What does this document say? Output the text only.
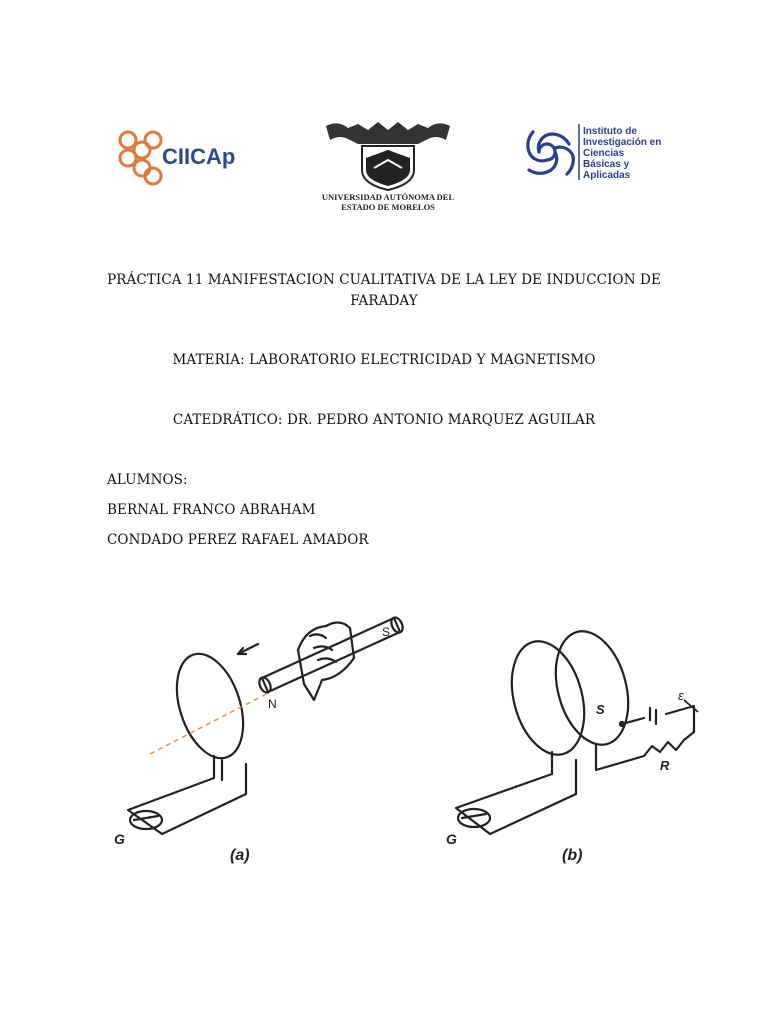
CIICAp
UNIVERSIDAD AUTÓNOMA DEL
ESTADO DE MORELOS
Instituto de
Investigación en
Ciencias
Básicas y
Aplicadas
PRÁCTICA 11 MANIFESTACION CUALITATIVA DE LA LEY DE INDUCCION DE
FARADAY
MATERIA: LABORATORIO ELECTRICIDAD Y MAGNETISMO
CATEDRÁTICO: DR. PEDRO ANTONIO MARQUEZ AGUILAR
ALUMNOS:
BERNAL FRANCO ABRAHAM
CONDADO PEREZ RAFAEL AMADOR
G
(a)
N
S
G
(b)
S
ε
R
